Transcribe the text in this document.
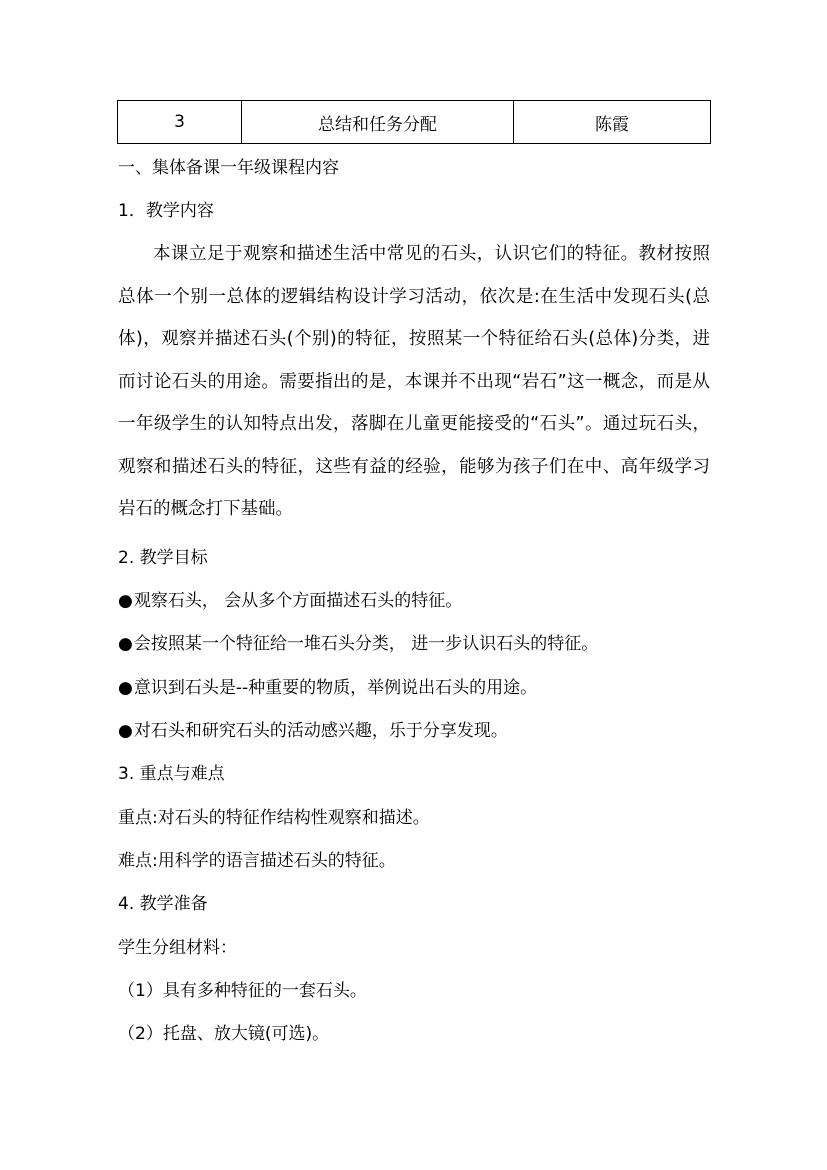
3	总结和任务分配	陈霞
一、集体备课一年级课程内容
1．教学内容
本课立足于观察和描述生活中常见的石头，认识它们的特征。教材按照总体一个别一总体的逻辑结构设计学习活动，依次是:在生活中发现石头(总体)，观察并描述石头(个别)的特征，按照某一个特征给石头(总体)分类，进而讨论石头的用途。需要指出的是，本课并不出现“岩石”这一概念，而是从一年级学生的认知特点出发，落脚在儿童更能接受的“石头”。通过玩石头，观察和描述石头的特征，这些有益的经验，能够为孩子们在中、高年级学习岩石的概念打下基础。
2. 教学目标
●观察石头， 会从多个方面描述石头的特征。
●会按照某一个特征给一堆石头分类， 进一步认识石头的特征。
●意识到石头是--种重要的物质，举例说出石头的用途。
●对石头和研究石头的活动感兴趣，乐于分享发现。
3. 重点与难点
重点:对石头的特征作结构性观察和描述。
难点:用科学的语言描述石头的特征。
4. 教学准备
学生分组材料：
（1）具有多种特征的一套石头。
（2）托盘、放大镜(可选)。
